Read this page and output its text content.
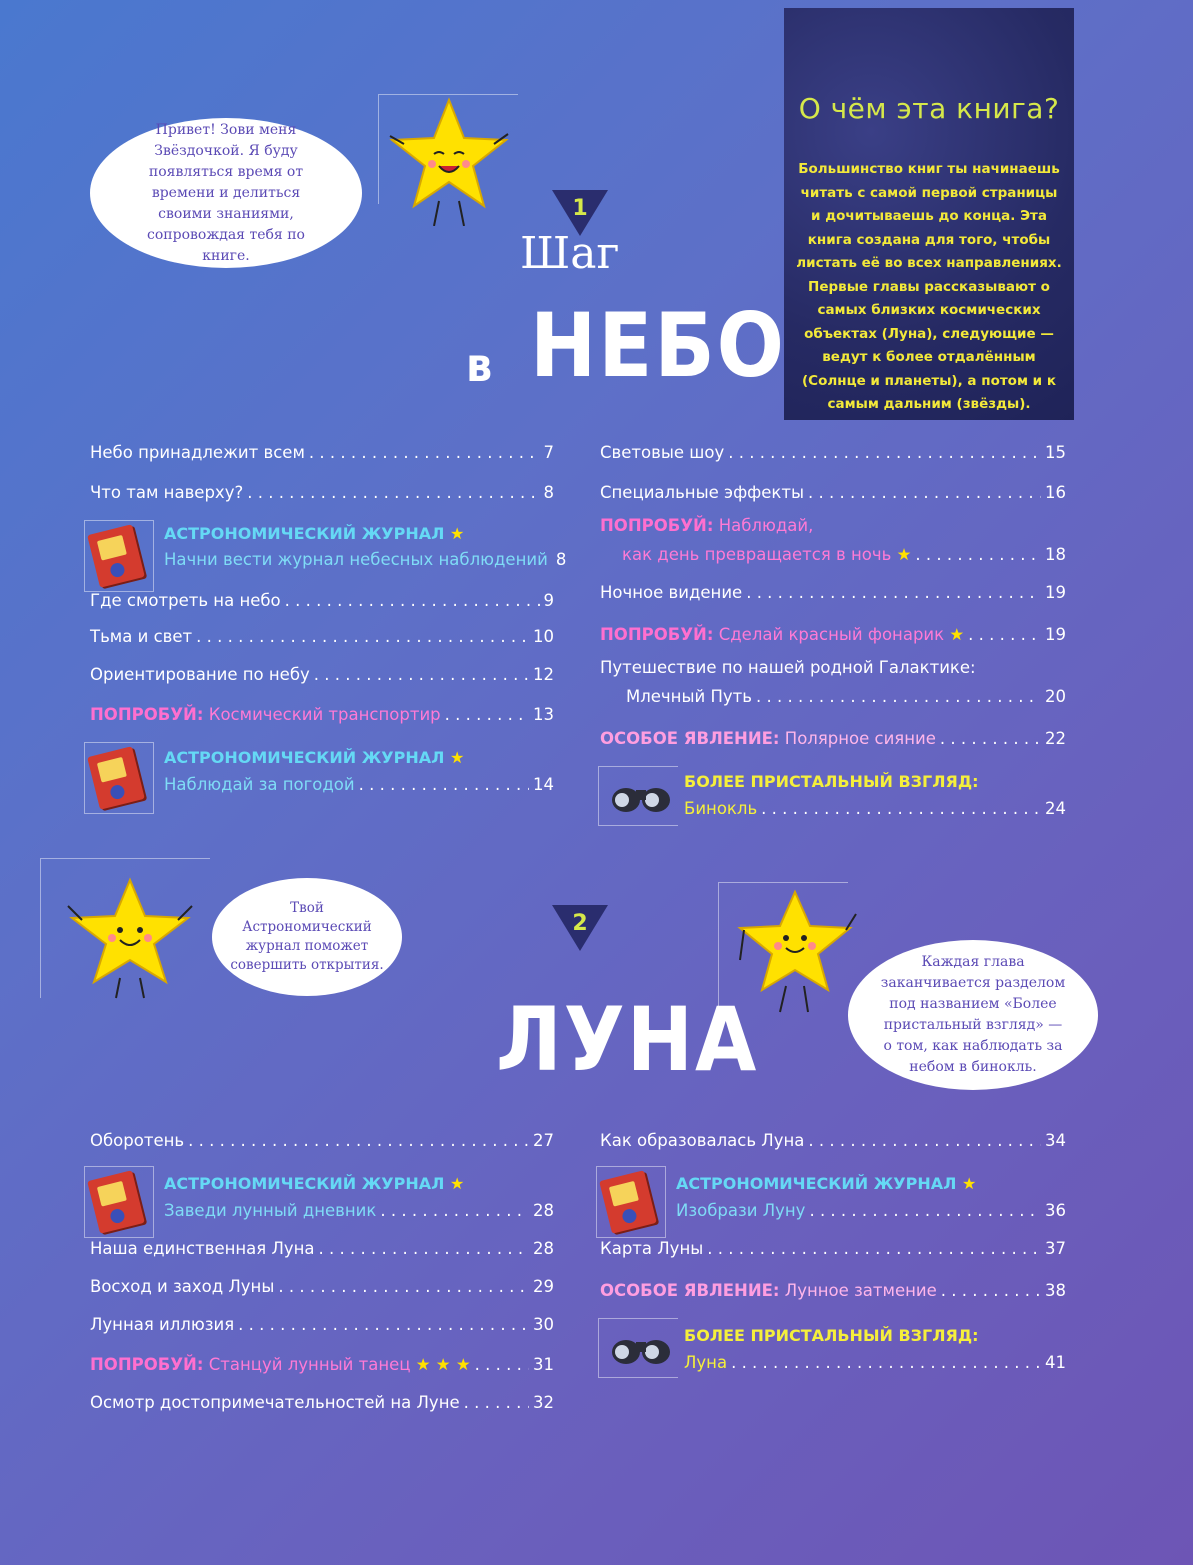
О чём эта книга?
Большинство книг ты начинаешь читать с самой первой страницы и дочитываешь до конца. Эта книга создана для того, чтобы листать её во всех направлениях. Первые главы рассказывают о самых близких космических объектах (Луна), следующие — ведут к более отдалённым (Солнце и планеты), а потом и к самым дальним (звёзды).
Привет! Зови меня Звёздочкой. Я буду появляться время от времени и делиться своими знаниями, сопровождая тебя по книге.
1
Шаг
в НЕБО
Небо принадлежит всем . . .	7
Что там наверху? . . .	8
АСТРОНОМИЧЕСКИЙ ЖУРНАЛ ★
Начни вести журнал небесных наблюдений 8
Где смотреть на небо . . .	9
Тьма и свет . . .	10
Ориентирование по небу . . .	12
ПОПРОБУЙ: Космический транспортир . . .	13
АСТРОНОМИЧЕСКИЙ ЖУРНАЛ ★
Наблюдай за погодой . . .	14
Световые шоу . . .	15
Специальные эффекты . . .	16
ПОПРОБУЙ: Наблюдай,
как день превращается в ночь ★ . . .	18
Ночное видение . . .	19
ПОПРОБУЙ: Сделай красный фонарик ★ . . .	19
Путешествие по нашей родной Галактике:
Млечный Путь . . .	20
ОСОБОЕ ЯВЛЕНИЕ: Полярное сияние . . .	22
БОЛЕЕ ПРИСТАЛЬНЫЙ ВЗГЛЯД:
Бинокль . . .	24
Твой Астрономический журнал поможет совершить открытия.
2
ЛУНА
Каждая глава заканчивается разделом под названием «Более пристальный взгляд» — о том, как наблюдать за небом в бинокль.
Оборотень . . .	27
АСТРОНОМИЧЕСКИЙ ЖУРНАЛ ★
Заведи лунный дневник . . .	28
Наша единственная Луна . . .	28
Восход и заход Луны . . .	29
Лунная иллюзия . . .	30
ПОПРОБУЙ: Станцуй лунный танец ★ ★ ★ . . .	31
Осмотр достопримечательностей на Луне . . .	32
Как образовалась Луна . . .	34
АСТРОНОМИЧЕСКИЙ ЖУРНАЛ ★
Изобрази Луну . . .	36
Карта Луны . . .	37
ОСОБОЕ ЯВЛЕНИЕ: Лунное затмение . . .	38
БОЛЕЕ ПРИСТАЛЬНЫЙ ВЗГЛЯД:
Луна . . .	41
